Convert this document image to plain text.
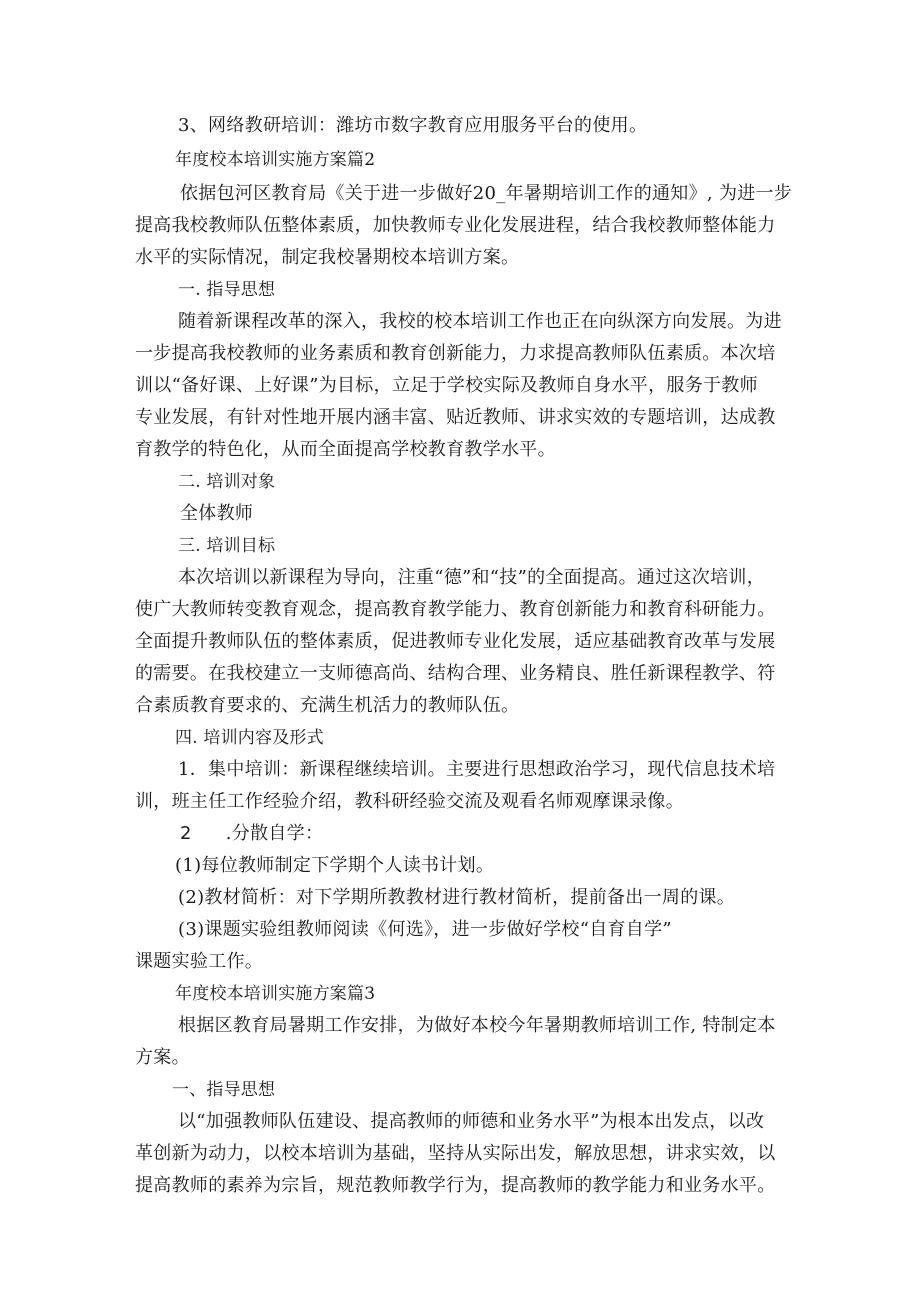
3、网络教研培训：潍坊市数字教育应用服务平台的使用。
年度校本培训实施方案篇2
依据包河区教育局《关于进一步做好20_年暑期培训工作的通知》, 为进一步
提高我校教师队伍整体素质，加快教师专业化发展进程，结合我校教师整体能力
水平的实际情况，制定我校暑期校本培训方案。
一. 指导思想
随着新课程改革的深入，我校的校本培训工作也正在向纵深方向发展。为进
一步提高我校教师的业务素质和教育创新能力，力求提高教师队伍素质。本次培
训以“备好课、上好课”为目标，立足于学校实际及教师自身水平，服务于教师
专业发展，有针对性地开展内涵丰富、贴近教师、讲求实效的专题培训，达成教
育教学的特色化，从而全面提高学校教育教学水平。
二. 培训对象
全体教师
三. 培训目标
本次培训以新课程为导向，注重“德”和“技”的全面提高。通过这次培训，
使广大教师转变教育观念，提高教育教学能力、教育创新能力和教育科研能力。
全面提升教师队伍的整体素质，促进教师专业化发展，适应基础教育改革与发展
的需要。在我校建立一支师德高尚、结构合理、业务精良、胜任新课程教学、符
合素质教育要求的、充满生机活力的教师队伍。
四. 培训内容及形式
1．集中培训：新课程继续培训。主要进行思想政治学习，现代信息技术培
训，班主任工作经验介绍，教科研经验交流及观看名师观摩课录像。
2 .分散自学：
(1)每位教师制定下学期个人读书计划。
(2)教材简析：对下学期所教教材进行教材简析，提前备出一周的课。
(3)课题实验组教师阅读《何选》，进一步做好学校“自育自学”
课题实验工作。
年度校本培训实施方案篇3
根据区教育局暑期工作安排，为做好本校今年暑期教师培训工作, 特制定本
方案。
一、指导思想
以“加强教师队伍建设、提高教师的师德和业务水平”为根本出发点，以改
革创新为动力，以校本培训为基础，坚持从实际出发，解放思想，讲求实效，以
提高教师的素养为宗旨，规范教师教学行为，提高教师的教学能力和业务水平。
